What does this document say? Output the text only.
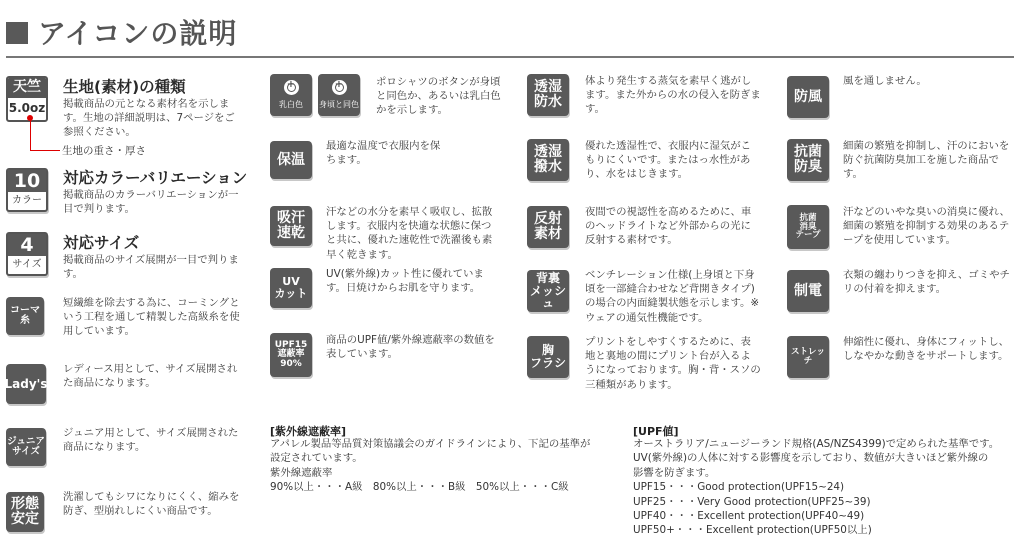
アイコンの説明
天竺
5.0oz
生地の重さ・厚さ
生地(素材)の種類
掲載商品の元となる素材名を示します。生地の詳細説明は、7ページをご参照ください。
10
カラー
対応カラーバリエーション
掲載商品のカラーバリエーションが一目で判ります。
4
サイズ
対応サイズ
掲載商品のサイズ展開が一目で判ります。
コーマ
糸
短繊維を除去する為に、コーミングという工程を通して精製した高級糸を使用しています。
Lady's
レディース用として、サイズ展開された商品になります。
ジュニア
サイズ
ジュニア用として、サイズ展開された商品になります。
形態
安定
洗濯してもシワになりにくく、縮みを防ぎ、型崩れしにくい商品です。
+
乳白色
+ 身頃と同色
ポロシャツのボタンが身頃と同色か、あるいは乳白色かを示します。
保温
最適な温度で衣服内を保ちます。
吸汗
速乾
汗などの水分を素早く吸収し、拡散します。衣服内を快適な状態に保つと共に、優れた速乾性で洗濯後も素早く乾きます。
UV
カット
UV(紫外線)カット性に優れています。日焼けからお肌を守ります。
UPF15
遮蔽率
90%
商品のUPF値/紫外線遮蔽率の数値を表しています。
透湿
防水
体より発生する蒸気を素早く逃がします。また外からの水の侵入を防ぎます。
透湿
撥水
優れた透湿性で、衣服内に湿気がこもりにくいです。またはっ水性があり、水をはじきます。
反射
素材
夜間での視認性を高めるために、車のヘッドライトなど外部からの光に反射する素材です。
背裏
メッシュ
ベンチレーション仕様(上身頃と下身頃を一部縫合わせなど背開きタイプ)の場合の内面縫製状態を示します。※ウェアの通気性機能です。
胸
フラシ
プリントをしやすくするために、表地と裏地の間にプリント台が入るようになっております。胸・背・スソの三種類があります。
防風
風を通しません。
抗菌
防臭
細菌の繁殖を抑制し、汗のにおいを防ぐ抗菌防臭加工を施した商品です。
抗菌
消臭
テープ
汗などのいやな臭いの消臭に優れ、細菌の繁殖を抑制する効果のあるテープを使用しています。
制電
衣類の纏わりつきを抑え、ゴミやチリの付着を抑えます。
ストレッチ
伸縮性に優れ、身体にフィットし、しなやかな動きをサポートします。
[紫外線遮蔽率]
アパレル製品等品質対策協議会のガイドラインにより、下記の基準が
設定されています。
紫外線遮蔽率
90%以上・・・A級　80%以上・・・B級　50%以上・・・C級
[UPF値]
オーストラリア/ニュージーランド規格(AS/NZS4399)で定められた基準です。
UV(紫外線)の人体に対する影響度を示しており、数値が大きいほど紫外線の
影響を防ぎます。
UPF15・・・Good protection(UPF15~24)
UPF25・・・Very Good protection(UPF25~39)
UPF40・・・Excellent protection(UPF40~49)
UPF50+・・・Excellent protection(UPF50以上)
